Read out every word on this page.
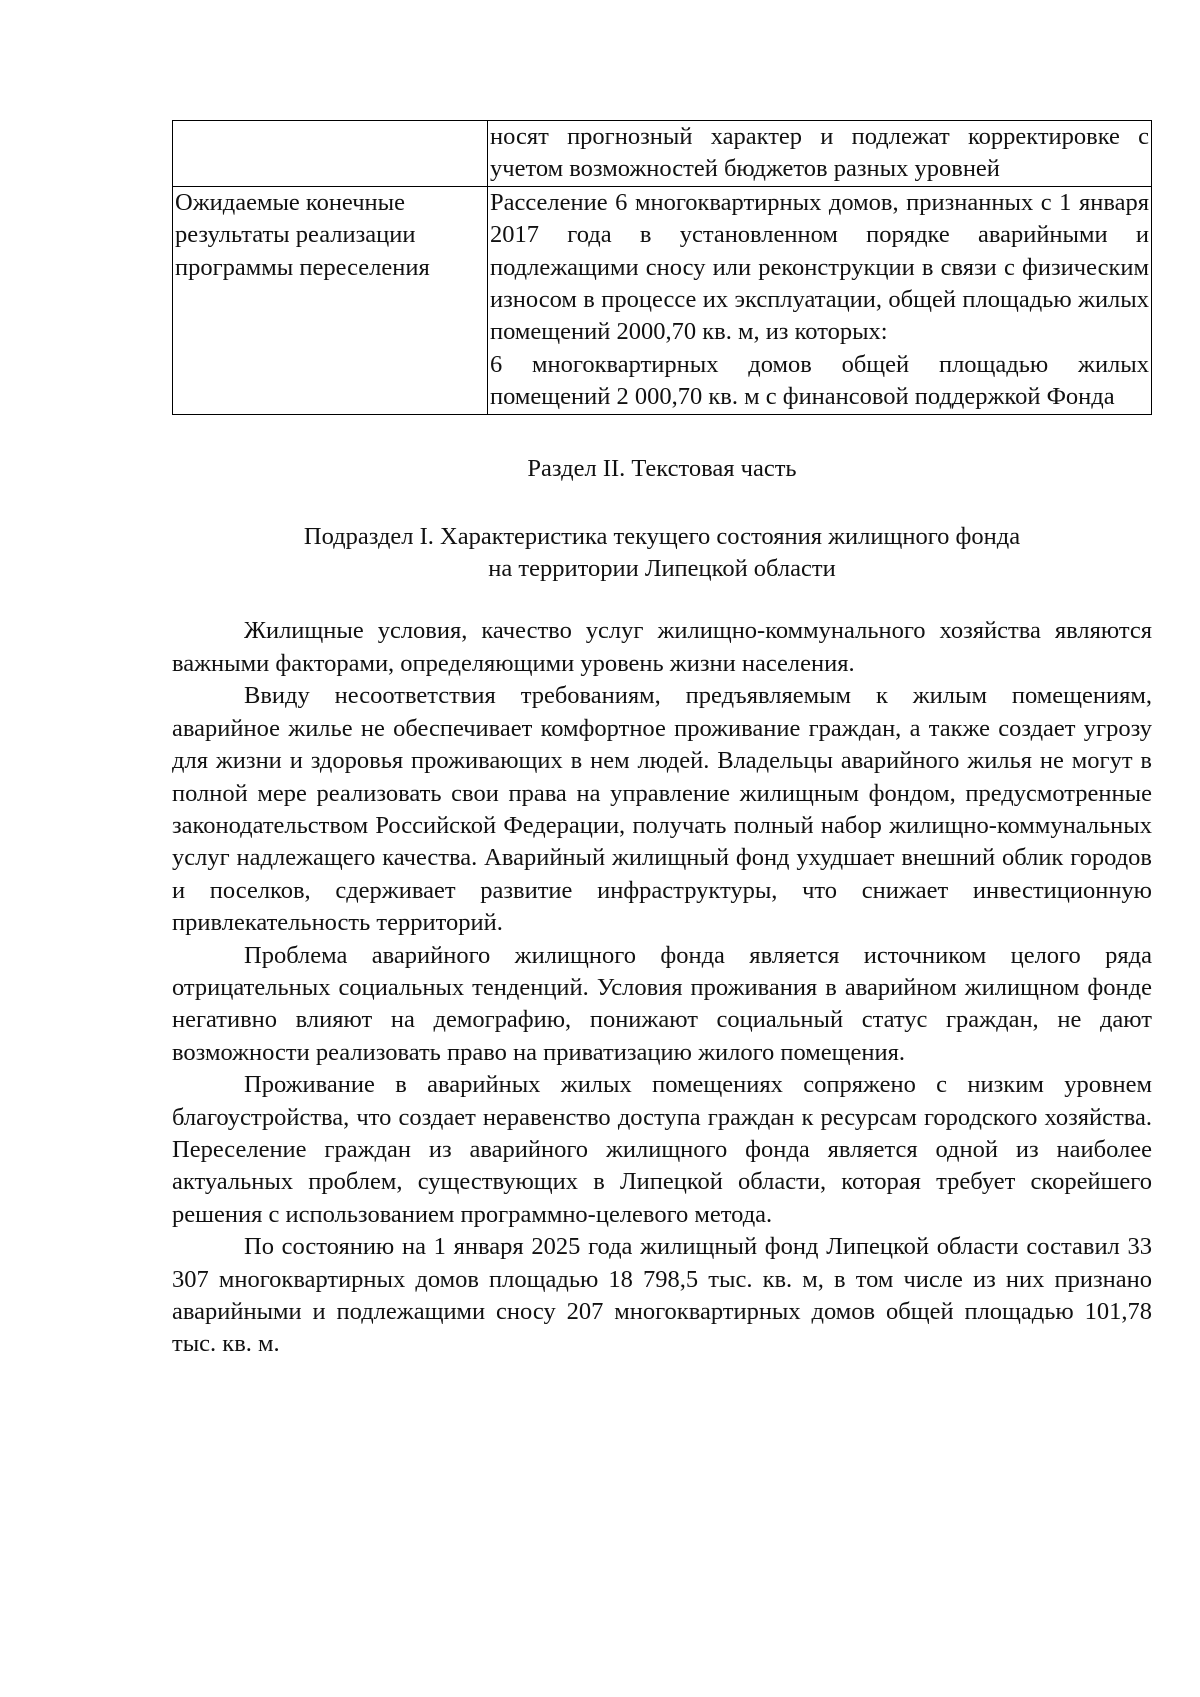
	носят прогнозный характер и подлежат корректировке с учетом возможностей бюджетов разных уровней

Ожидаемые конечные результаты реализации программы переселения	Расселение 6 многоквартирных домов, признанных с 1 января 2017 года в установленном порядке аварийными и подлежащими сносу или реконструкции в связи с физическим износом в процессе их эксплуатации, общей площадью жилых помещений 2000,70 кв. м, из которых:

6 многоквартирных домов общей площадью жилых помещений 2 000,70 кв. м с финансовой поддержкой Фонда

Раздел II. Текстовая часть
Подраздел I. Характеристика текущего состояния жилищного фонда
на территории Липецкой области

Жилищные условия, качество услуг жилищно-коммунального хозяйства являются важными факторами, определяющими уровень жизни населения.

Ввиду несоответствия требованиям, предъявляемым к жилым помещениям, аварийное жилье не обеспечивает комфортное проживание граждан, а также создает угрозу для жизни и здоровья проживающих в нем людей. Владельцы аварийного жилья не могут в полной мере реализовать свои права на управление жилищным фондом, предусмотренные законодательством Российской Федерации, получать полный набор жилищно-коммунальных услуг надлежащего качества. Аварийный жилищный фонд ухудшает внешний облик городов и поселков, сдерживает развитие инфраструктуры, что снижает инвестиционную привлекательность территорий.

Проблема аварийного жилищного фонда является источником целого ряда отрицательных социальных тенденций. Условия проживания в аварийном жилищном фонде негативно влияют на демографию, понижают социальный статус граждан, не дают возможности реализовать право на приватизацию жилого помещения.

Проживание в аварийных жилых помещениях сопряжено с низким уровнем благоустройства, что создает неравенство доступа граждан к ресурсам городского хозяйства. Переселение граждан из аварийного жилищного фонда является одной из наиболее актуальных проблем, существующих в Липецкой области, которая требует скорейшего решения с использованием программно-целевого метода.

По состоянию на 1 января 2025 года жилищный фонд Липецкой области составил 33 307 многоквартирных домов площадью 18 798,5 тыс. кв. м, в том числе из них признано аварийными и подлежащими сносу 207 многоквартирных домов общей площадью 101,78 тыс. кв. м.
